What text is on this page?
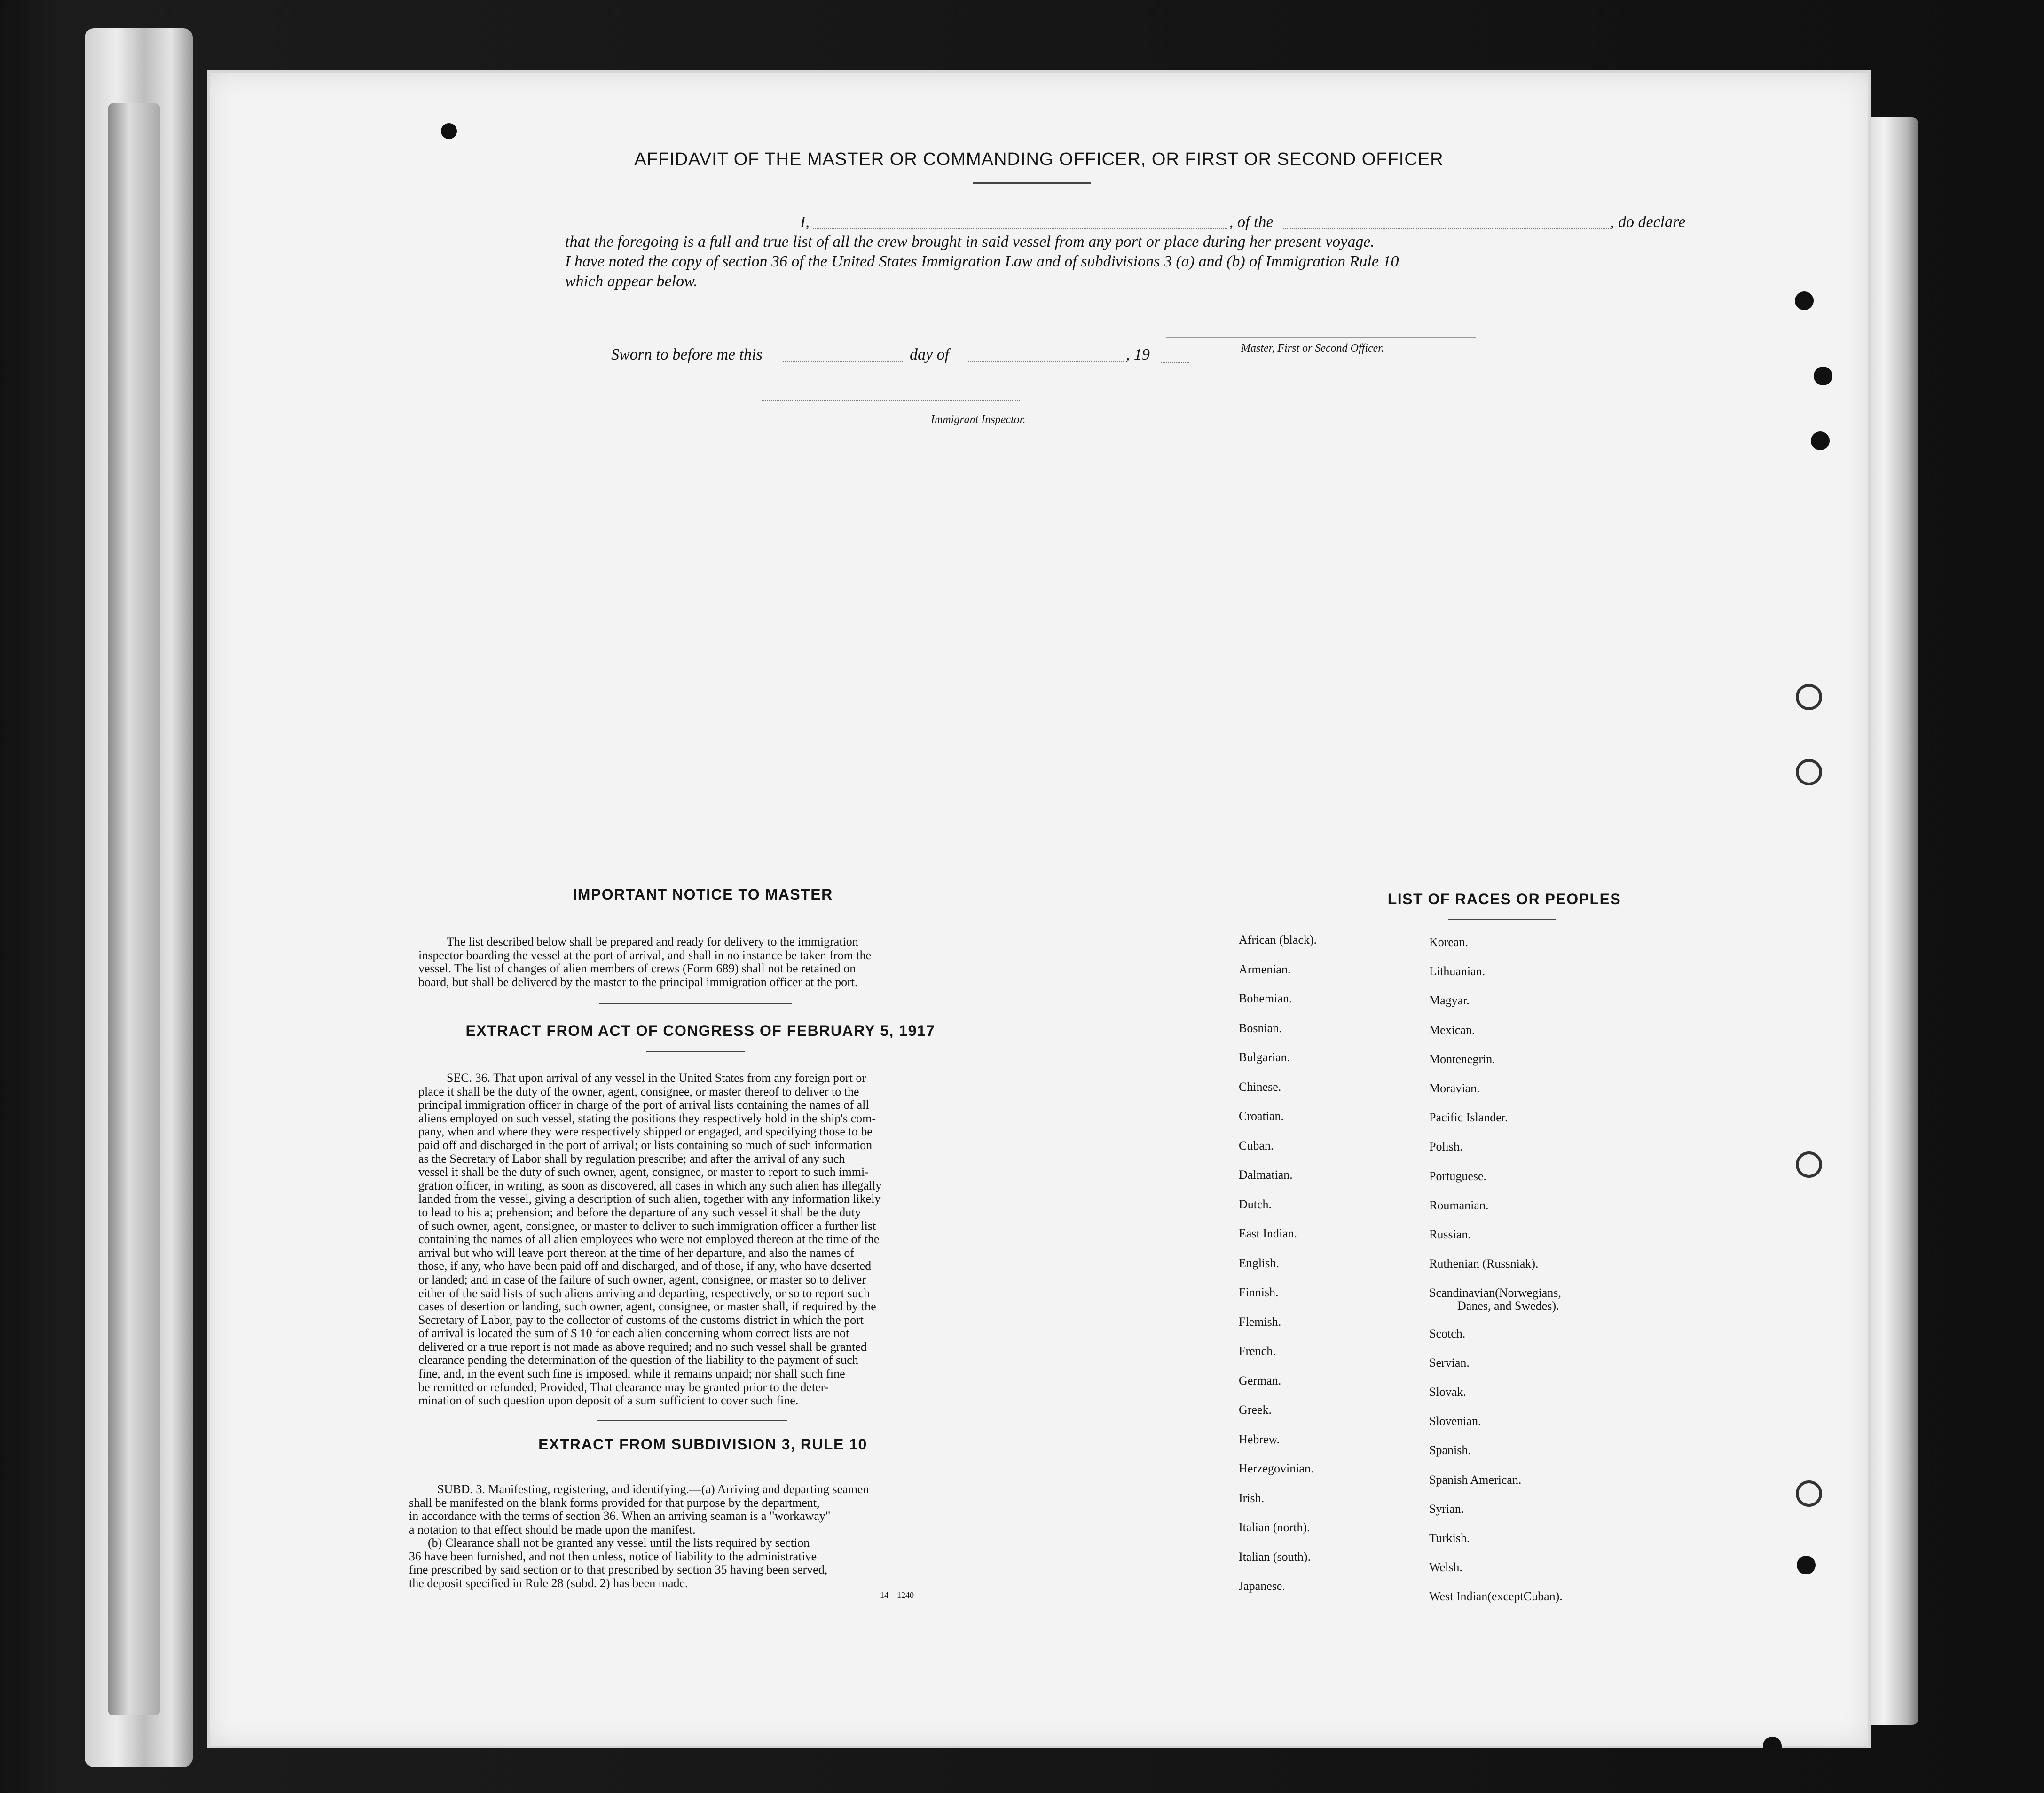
AFFIDAVIT OF THE MASTER OR COMMANDING OFFICER, OR FIRST OR SECOND OFFICER
I,	, of the	, do declare
that the foregoing is a full and true list of all the crew brought in said vessel from any port or place during her present voyage.
I have noted the copy of section 36 of the United States Immigration Law and of subdivisions 3 (a) and (b) of Immigration Rule 10
which appear below.
Master, First or Second Officer.
Sworn to before me this	day of	, 19
Immigrant Inspector.
IMPORTANT NOTICE TO MASTER
The list described below shall be prepared and ready for delivery to the immigration
inspector boarding the vessel at the port of arrival, and shall in no instance be taken from the
vessel. The list of changes of alien members of crews (Form 689) shall not be retained on
board, but shall be delivered by the master to the principal immigration officer at the port.
EXTRACT FROM ACT OF CONGRESS OF FEBRUARY 5, 1917
SEC. 36. That upon arrival of any vessel in the United States from any foreign port or
place it shall be the duty of the owner, agent, consignee, or master thereof to deliver to the
principal immigration officer in charge of the port of arrival lists containing the names of all
aliens employed on such vessel, stating the positions they respectively hold in the ship's com-
pany, when and where they were respectively shipped or engaged, and specifying those to be
paid off and discharged in the port of arrival; or lists containing so much of such information
as the Secretary of Labor shall by regulation prescribe; and after the arrival of any such
vessel it shall be the duty of such owner, agent, consignee, or master to report to such immi-
gration officer, in writing, as soon as discovered, all cases in which any such alien has illegally
landed from the vessel, giving a description of such alien, together with any information likely
to lead to his a; prehension; and before the departure of any such vessel it shall be the duty
of such owner, agent, consignee, or master to deliver to such immigration officer a further list
containing the names of all alien employees who were not employed thereon at the time of the
arrival but who will leave port thereon at the time of her departure, and also the names of
those, if any, who have been paid off and discharged, and of those, if any, who have deserted
or landed; and in case of the failure of such owner, agent, consignee, or master so to deliver
either of the said lists of such aliens arriving and departing, respectively, or so to report such
cases of desertion or landing, such owner, agent, consignee, or master shall, if required by the
Secretary of Labor, pay to the collector of customs of the customs district in which the port
of arrival is located the sum of $ 10 for each alien concerning whom correct lists are not
delivered or a true report is not made as above required; and no such vessel shall be granted
clearance pending the determination of the question of the liability to the payment of such
fine, and, in the event such fine is imposed, while it remains unpaid; nor shall such fine
be remitted or refunded; Provided, That clearance may be granted prior to the deter-
mination of such question upon deposit of a sum sufficient to cover such fine.
EXTRACT FROM SUBDIVISION 3, RULE 10
SUBD. 3. Manifesting, registering, and identifying.—(a) Arriving and departing seamen
shall be manifested on the blank forms provided for that purpose by the department,
in accordance with the terms of section 36. When an arriving seaman is a "workaway"
a notation to that effect should be made upon the manifest.
(b) Clearance shall not be granted any vessel until the lists required by section
36 have been furnished, and not then unless, notice of liability to the administrative
fine prescribed by said section or to that prescribed by section 35 having been served,
the deposit specified in Rule 28 (subd. 2) has been made.
14—1240
LIST OF RACES OR PEOPLES
African (black).
Armenian.
Bohemian.
Bosnian.
Bulgarian.
Chinese.
Croatian.
Cuban.
Dalmatian.
Dutch.
East Indian.
English.
Finnish.
Flemish.
French.
German.
Greek.
Hebrew.
Herzegovinian.
Irish.
Italian (north).
Italian (south).
Japanese.
Korean.
Lithuanian.
Magyar.
Mexican.
Montenegrin.
Moravian.
Pacific Islander.
Polish.
Portuguese.
Roumanian.
Russian.
Ruthenian (Russniak).
Scandinavian(Norwegians,
Danes, and Swedes).
Scotch.
Servian.
Slovak.
Slovenian.
Spanish.
Spanish American.
Syrian.
Turkish.
Welsh.
West Indian(exceptCuban).
